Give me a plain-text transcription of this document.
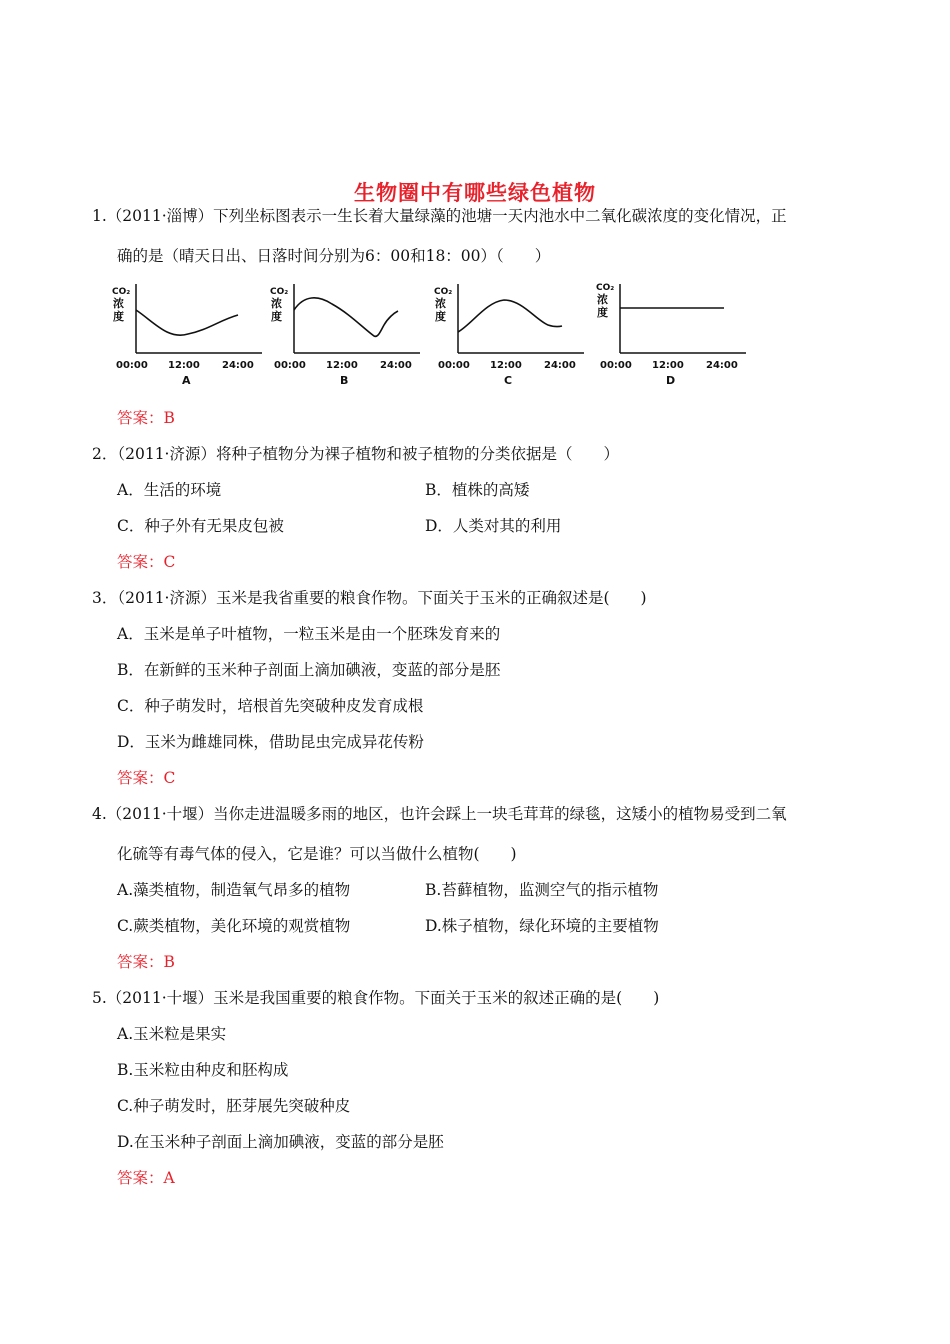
生物圈中有哪些绿色植物
1.（2011·淄博）下列坐标图表示一生长着大量绿藻的池塘一天内池水中二氧化碳浓度的变化情况，正
确的是（晴天日出、日落时间分别为6：00和18：00）（　　）
CO₂
浓
度
00:00 12:00 24:00
A
CO₂
浓
度
00:00 12:00 24:00
B
CO₂
浓
度
00:00 12:00 24:00
C
CO₂
浓
度
00:00 12:00 24:00
D
答案：B
2．（2011·济源）将种子植物分为裸子植物和被子植物的分类依据是（　　）
A．生活的环境	B．植株的高矮
C．种子外有无果皮包被	D．人类对其的利用
答案：C
3．（2011·济源）玉米是我省重要的粮食作物。下面关于玉米的正确叙述是(　　)
A．玉米是单子叶植物，一粒玉米是由一个胚珠发育来的
B．在新鲜的玉米种子剖面上滴加碘液，变蓝的部分是胚
C．种子萌发时，培根首先突破种皮发育成根
D．玉米为雌雄同株，借助昆虫完成异花传粉
答案：C
4.（2011·十堰）当你走进温暖多雨的地区，也许会踩上一块毛茸茸的绿毯，这矮小的植物易受到二氧
化硫等有毒气体的侵入，它是谁？可以当做什么植物(　　)
A.藻类植物，制造氧气昂多的植物	B.苔藓植物，监测空气的指示植物
C.蕨类植物，美化环境的观赏植物	D.株子植物，绿化环境的主要植物
答案：B
5.（2011·十堰）玉米是我国重要的粮食作物。下面关于玉米的叙述正确的是(　　)
A.玉米粒是果实
B.玉米粒由种皮和胚构成
C.种子萌发时，胚芽展先突破种皮
D.在玉米种子剖面上滴加碘液，变蓝的部分是胚
答案：A
